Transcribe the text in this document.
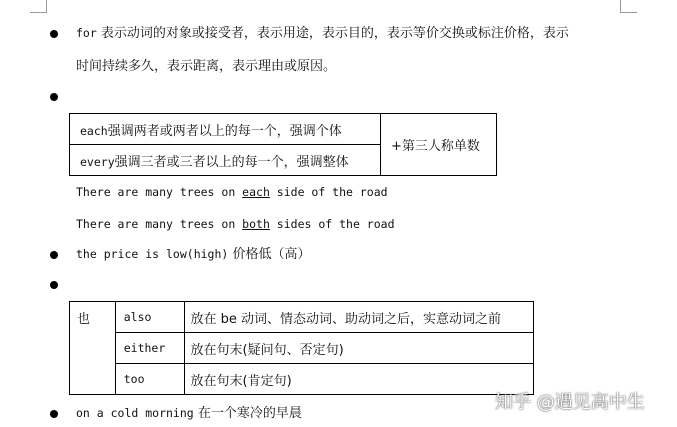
for 表示动词的对象或接受者，表示用途，表示目的，表示等价交换或标注价格，表示
时间持续多久，表示距离，表示理由或原因。
each强调两者或两者以上的每一个，强调个体	+第三人称单数
every强调三者或三者以上的每一个，强调整体
There are many trees on each side of the road
There are many trees on both sides of the road
the price is low(high) 价格低（高）
也	also	放在 be 动词、情态动词、助动词之后，实意动词之前
	either	放在句末(疑问句、否定句)
	too	放在句末(肯定句)
on a cold morning 在一个寒冷的早晨
知乎 @遇见高中生
